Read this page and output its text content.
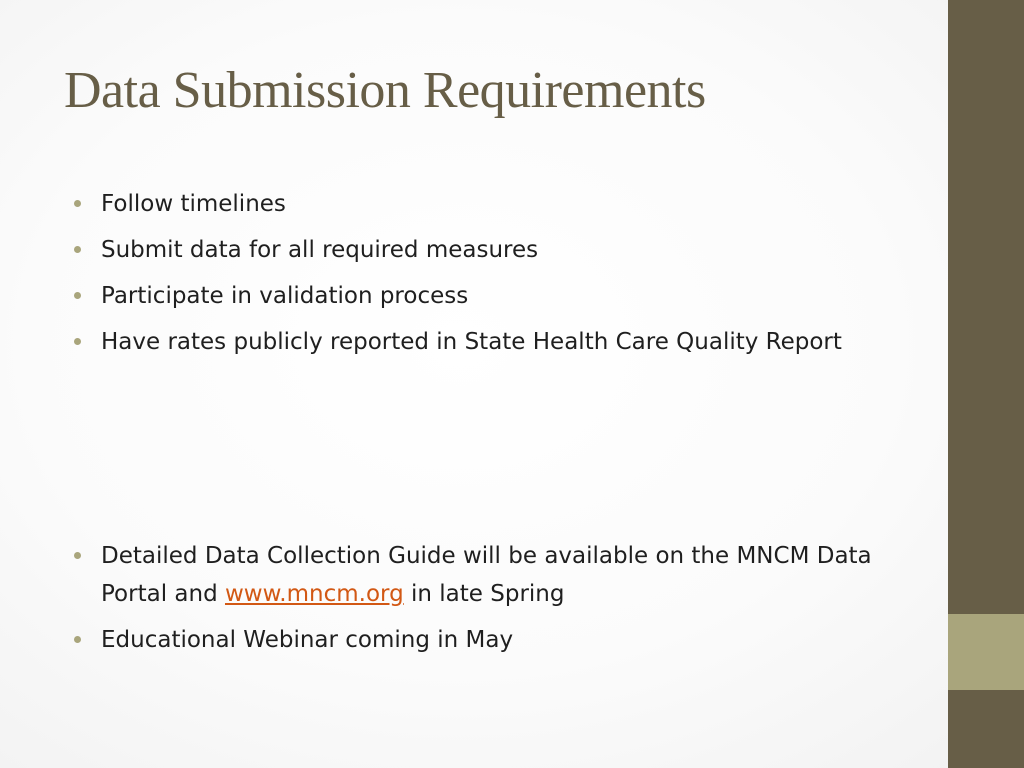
Data Submission Requirements
Follow timelines
Submit data for all required measures
Participate in validation process
Have rates publicly reported in State Health Care Quality Report
Detailed Data Collection Guide will be available on the MNCM Data Portal and www.mncm.org in late Spring
Educational Webinar coming in May
